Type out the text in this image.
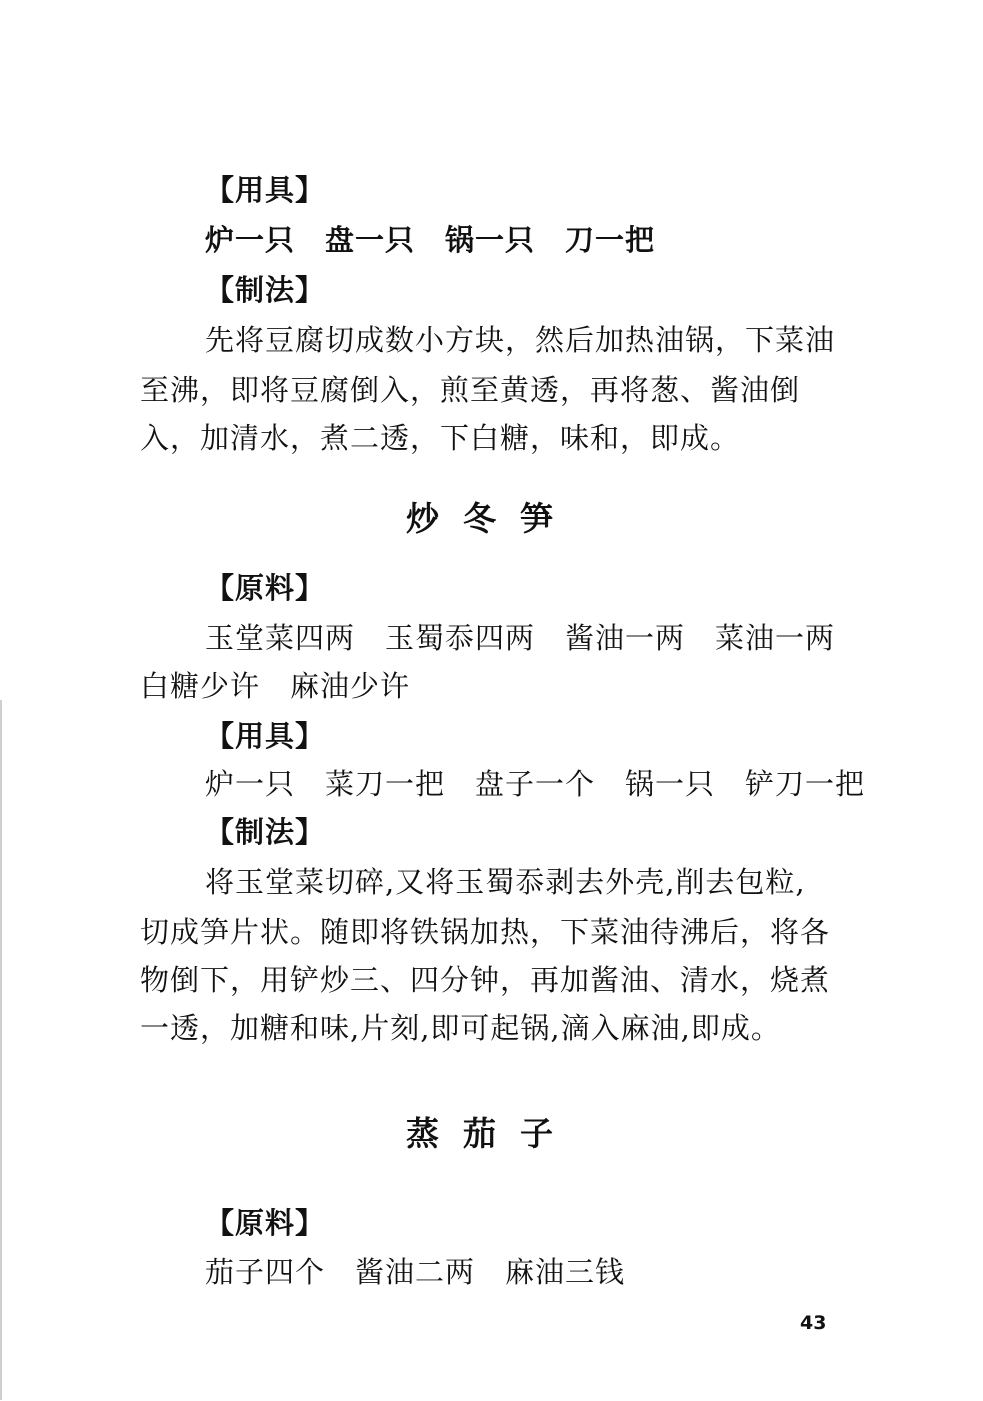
【用具】
炉一只　盘一只　锅一只　刀一把
【制法】
先将豆腐切成数小方块，然后加热油锅，下菜油
至沸，即将豆腐倒入，煎至黄透，再将葱、酱油倒
入，加清水，煮二透，下白糖，味和，即成。
炒冬笋
【原料】
玉堂菜四两　玉蜀忝四两　酱油一两　菜油一两
白糖少许　麻油少许
【用具】
炉一只　菜刀一把　盘子一个　锅一只　铲刀一把
【制法】
将玉堂菜切碎,又将玉蜀忝剥去外壳,削去包粒,
切成笋片状。随即将铁锅加热，下菜油待沸后，将各
物倒下，用铲炒三、四分钟，再加酱油、清水，烧煮
一透，加糖和味,片刻,即可起锅,滴入麻油,即成。
蒸茄子
【原料】
茄子四个　酱油二两　麻油三钱
43
